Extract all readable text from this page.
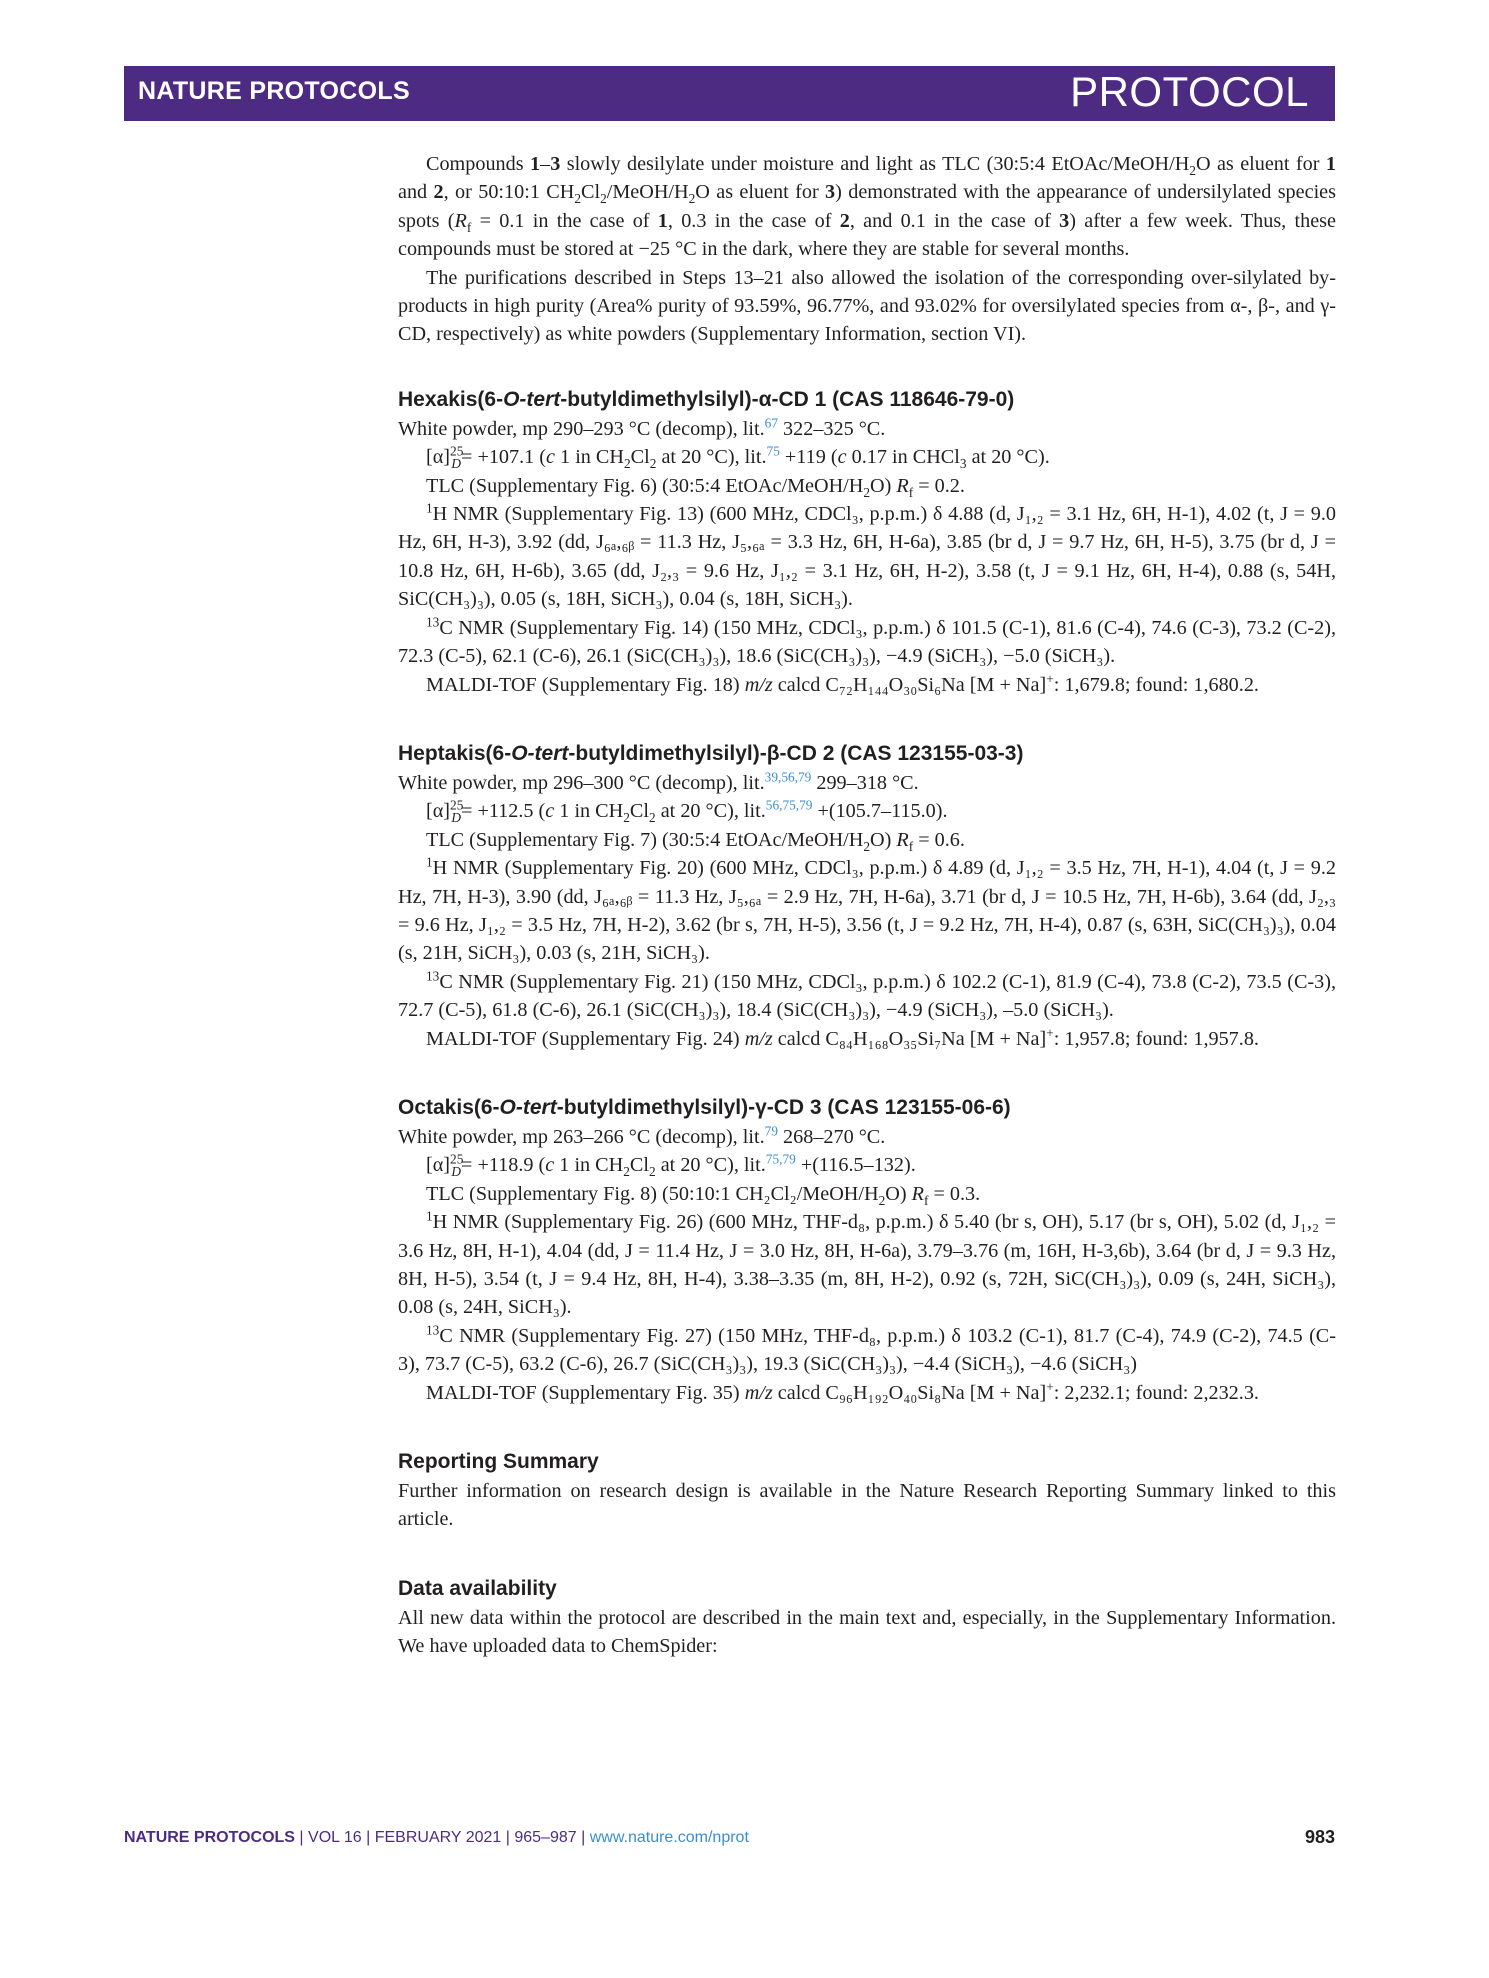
NATURE PROTOCOLS	PROTOCOL

Compounds 1–3 slowly desilylate under moisture and light as TLC (30:5:4 EtOAc/$MeOH/H_2O$ as eluent for 1 and 2, or 50:10:1 $CH_2Cl_2/MeOH/H_2O$ as eluent for 3) demonstrated with the appearance of undersilylated species spots ($R_f = 0.1$ in the case of 1, 0.3 in the case of 2, and 0.1 in the case of 3) after a few week. Thus, these compounds must be stored at −25 °C in the dark, where they are stable for several months.

The purifications described in Steps 13–21 also allowed the isolation of the corresponding over-silylated by-products in high purity (Area% purity of 93.59%, 96.77%, and 93.02% for oversilylated species from α-, β-, and γ-CD, respectively) as white powders (Supplementary Information, section VI).

Hexakis(6-O-tert-butyldimethylsilyl)-α-CD 1 (CAS 118646-79-0)

White powder, mp 290–293 °C (decomp), lit.$^{67}$ 322–325 °C.

$[\alpha]^{25}_D= +107.1$ (c 1 in $CH_2Cl_2$ at 20 °C), lit.$^{75}$ +119 (c 0.17 in CHCl$_3$ at 20 °C).

TLC (Supplementary Fig. 6) (30:5:4 EtOAc/$MeOH/H_2O$) $R_f = 0.2$.

$^1$H NMR (Supplementary Fig. 13) (600 MHz, CDCl₃, p.p.m.) δ 4.88 (d, J₁,₂ = 3.1 Hz, 6H, H-1), 4.02 (t, J = 9.0 Hz, 6H, H-3), 3.92 (dd, J₆ₐ,₆ᵦ = 11.3 Hz, J₅,₆ₐ = 3.3 Hz, 6H, H-6a), 3.85 (br d, J = 9.7 Hz, 6H, H-5), 3.75 (br d, J = 10.8 Hz, 6H, H-6b), 3.65 (dd, J₂,₃ = 9.6 Hz, J₁,₂ = 3.1 Hz, 6H, H-2), 3.58 (t, J = 9.1 Hz, 6H, H-4), 0.88 (s, 54H, SiC(CH₃)₃), 0.05 (s, 18H, SiCH₃), 0.04 (s, 18H, SiCH₃).

$^{13}$C NMR (Supplementary Fig. 14) (150 MHz, CDCl₃, p.p.m.) δ 101.5 (C-1), 81.6 (C-4), 74.6 (C-3), 73.2 (C-2), 72.3 (C-5), 62.1 (C-6), 26.1 (SiC(CH₃)₃), 18.6 (SiC(CH₃)₃), −4.9 (SiCH₃), −5.0 (SiCH₃).

MALDI-TOF (Supplementary Fig. 18) m/z calcd C₇₂H₁₄₄O₃₀Si₆Na [M + Na]+: 1,679.8; found: 1,680.2.

Heptakis(6-O-tert-butyldimethylsilyl)-β-CD 2 (CAS 123155-03-3)

White powder, mp 296–300 °C (decomp), lit.$^{39,56,79}$ 299–318 °C.

$[\alpha]^{25}_D= +112.5$ (c 1 in $CH_2Cl_2$ at 20 °C), lit.$^{56,75,79}$ +(105.7–115.0).

TLC (Supplementary Fig. 7) (30:5:4 EtOAc/$MeOH/H_2O$) $R_f = 0.6$.

$^1$H NMR (Supplementary Fig. 20) (600 MHz, CDCl₃, p.p.m.) δ 4.89 (d, J₁,₂ = 3.5 Hz, 7H, H-1), 4.04 (t, J = 9.2 Hz, 7H, H-3), 3.90 (dd, J₆ₐ,₆ᵦ = 11.3 Hz, J₅,₆ₐ = 2.9 Hz, 7H, H-6a), 3.71 (br d, J = 10.5 Hz, 7H, H-6b), 3.64 (dd, J₂,₃ = 9.6 Hz, J₁,₂ = 3.5 Hz, 7H, H-2), 3.62 (br s, 7H, H-5), 3.56 (t, J = 9.2 Hz, 7H, H-4), 0.87 (s, 63H, SiC(CH₃)₃), 0.04 (s, 21H, SiCH₃), 0.03 (s, 21H, SiCH₃).

$^{13}$C NMR (Supplementary Fig. 21) (150 MHz, CDCl₃, p.p.m.) δ 102.2 (C-1), 81.9 (C-4), 73.8 (C-2), 73.5 (C-3), 72.7 (C-5), 61.8 (C-6), 26.1 (SiC(CH₃)₃), 18.4 (SiC(CH₃)₃), −4.9 (SiCH₃), –5.0 (SiCH₃).

MALDI-TOF (Supplementary Fig. 24) m/z calcd C₈₄H₁₆₈O₃₅Si₇Na [M + Na]+: 1,957.8; found: 1,957.8.

Octakis(6-O-tert-butyldimethylsilyl)-γ-CD 3 (CAS 123155-06-6)

White powder, mp 263–266 °C (decomp), lit.$^{79}$ 268–270 °C.

$[\alpha]^{25}_D= +118.9$ (c 1 in $CH_2Cl_2$ at 20 °C), lit.$^{75,79}$ +(116.5–132).

TLC (Supplementary Fig. 8) (50:10:1 CH₂Cl₂/$MeOH/H_2O$) $R_f = 0.3$.

$^1$H NMR (Supplementary Fig. 26) (600 MHz, THF-d₈, p.p.m.) δ 5.40 (br s, OH), 5.17 (br s, OH), 5.02 (d, J₁,₂ = 3.6 Hz, 8H, H-1), 4.04 (dd, J = 11.4 Hz, J = 3.0 Hz, 8H, H-6a), 3.79–3.76 (m, 16H, H-3,6b), 3.64 (br d, J = 9.3 Hz, 8H, H-5), 3.54 (t, J = 9.4 Hz, 8H, H-4), 3.38–3.35 (m, 8H, H-2), 0.92 (s, 72H, SiC(CH₃)₃), 0.09 (s, 24H, SiCH₃), 0.08 (s, 24H, SiCH₃).

$^{13}$C NMR (Supplementary Fig. 27) (150 MHz, THF-d₈, p.p.m.) δ 103.2 (C-1), 81.7 (C-4), 74.9 (C-2), 74.5 (C-3), 73.7 (C-5), 63.2 (C-6), 26.7 (SiC(CH₃)₃), 19.3 (SiC(CH₃)₃), −4.4 (SiCH₃), −4.6 (SiCH₃)

MALDI-TOF (Supplementary Fig. 35) m/z calcd C₉₆H₁₉₂O₄₀Si₈Na [M + Na]+: 2,232.1; found: 2,232.3.

Reporting Summary

Further information on research design is available in the Nature Research Reporting Summary linked to this article.

Data availability

All new data within the protocol are described in the main text and, especially, in the Supplementary Information. We have uploaded data to ChemSpider:

NATURE PROTOCOLS | VOL 16 | FEBRUARY 2021 | 965–987 | www.nature.com/nprot	983
